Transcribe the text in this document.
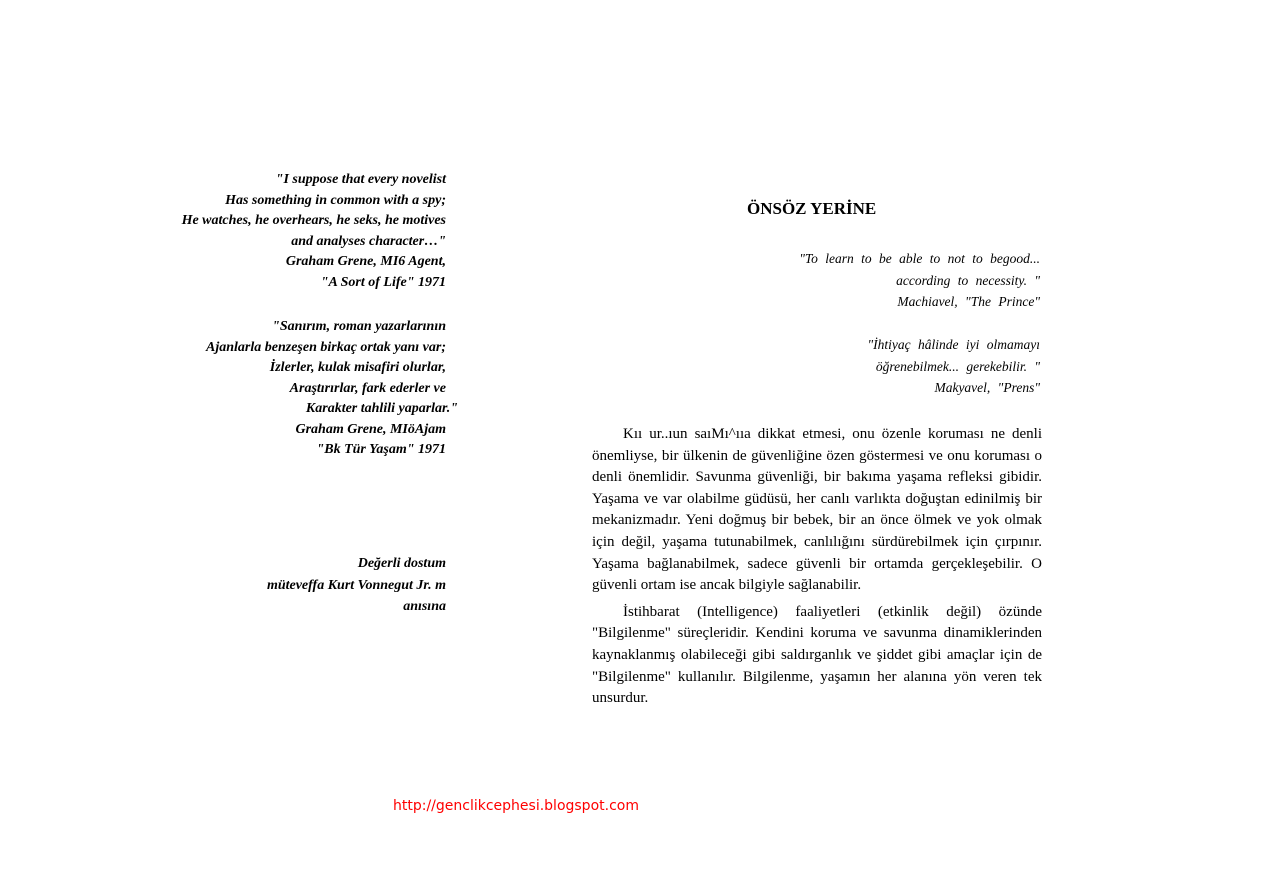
"I suppose that every novelist
Has something in common with a spy;
He watches, he overhears, he seks, he motives
and analyses character…"
Graham Grene, MI6 Agent,
"A Sort of Life" 1971
"Sanırım, roman yazarlarının
Ajanlarla benzeşen birkaç ortak yanı var;
İzlerler, kulak misafiri olurlar,
Araştırırlar, fark ederler ve
Karakter tahlili yaparlar."
Graham Grene, MIöAjam
"Bk Tür Yaşam" 1971
Değerli dostum
müteveffa Kurt Vonnegut Jr. m
anısına
ÖNSÖZ YERİNE
"To learn to be able to not to begood...
according to necessity. "
Machiavel, "The Prince"
"İhtiyaç hâlinde iyi olmamayı
öğrenebilmek... gerekebilir. "
Makyavel, "Prens"

Kıı ur..ıun saıMı^ııa dikkat etmesi, onu özenle koruması ne denli önemliyse, bir ülkenin de güvenliğine özen göstermesi ve onu koruması o denli önemlidir. Savunma güvenliği, bir bakıma yaşama refleksi gibidir. Yaşama ve var olabilme güdüsü, her canlı varlıkta doğuştan edinilmiş bir mekanizmadır. Yeni doğmuş bir bebek, bir an önce ölmek ve yok olmak için değil, yaşama tutunabilmek, canlılığını sürdürebilmek için çırpınır. Yaşama bağlanabilmek, sadece güvenli bir ortamda gerçekleşebilir. O güvenli ortam ise ancak bilgiyle sağlanabilir.

İstihbarat (Intelligence) faaliyetleri (etkinlik değil) özünde "Bilgilenme" süreçleridir. Kendini koruma ve savunma dinamiklerinden kaynaklanmış olabileceği gibi saldırganlık ve şiddet gibi amaçlar için de "Bilgilenme" kullanılır. Bilgilenme, yaşamın her alanına yön veren tek unsurdur.

http://genclikcephesi.blogspot.com
